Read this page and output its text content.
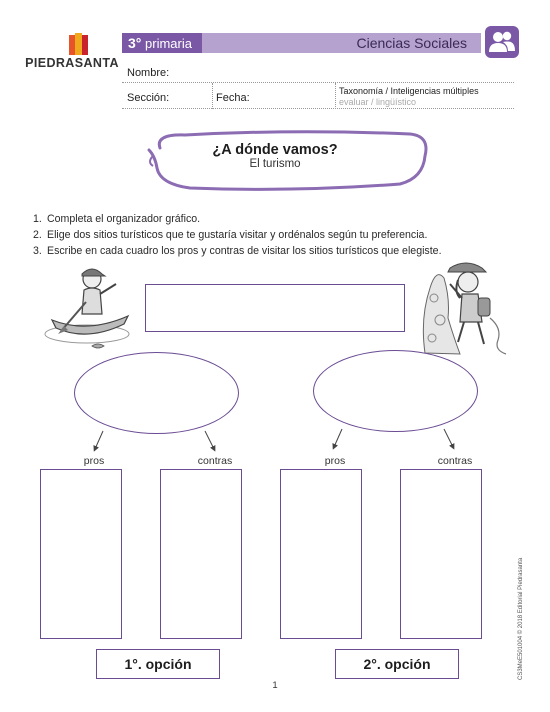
PIEDRASANTA
3° primaria	Ciencias Sociales
Nombre:
Sección:	Fecha:
Taxonomía / Inteligencias múltiples
evaluar / lingüístico
¿A dónde vamos?
El turismo
1. Completa el organizador gráfico.
2. Elige dos sitios turísticos que te gustaría visitar y ordénalos según tu preferencia.
3. Escribe en cada cuadro los pros y contras de visitar los sitios turísticos que elegiste.
pros	contras	pros	contras
1°. opción	2°. opción
1
CS3MeE501004 © 2018 Editorial Piedrasanta
